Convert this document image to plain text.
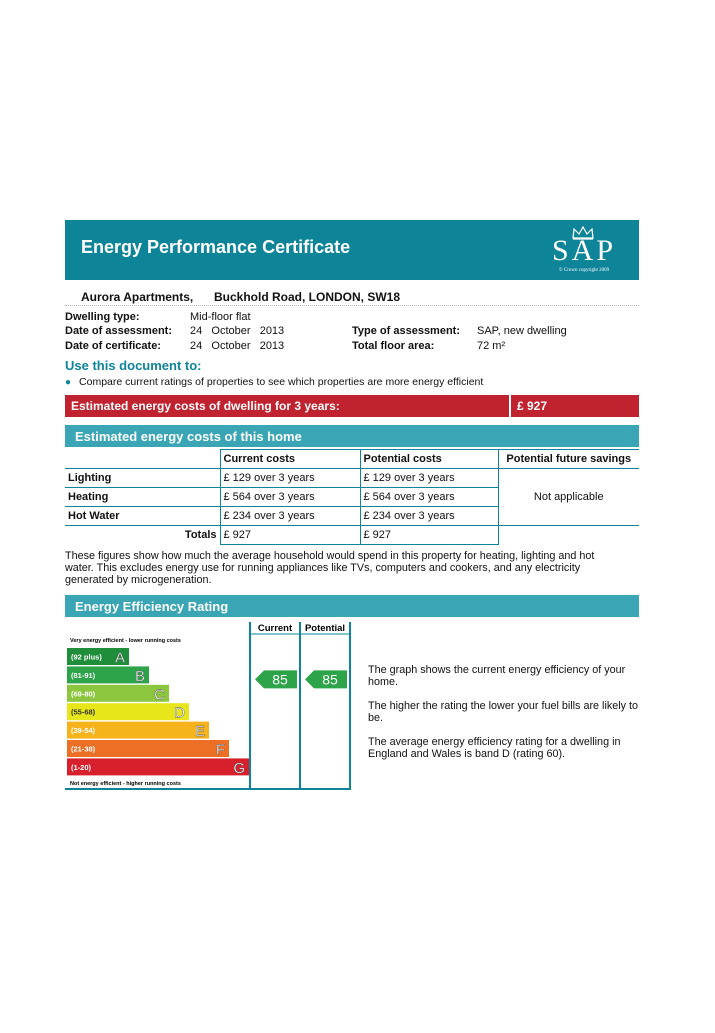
Energy Performance Certificate	SAP
© Crown copyright 2009
Aurora Apartments, Buckhold Road, LONDON, SW18
Dwelling type:	Mid-floor flat
Date of assessment: 24   October   2013
Date of certificate:	24   October   2013
Type of assessment: SAP, new dwelling
Total floor area:	72 m²
Use this document to:
● Compare current ratings of properties to see which properties are more energy efficient
Estimated energy costs of dwelling for 3 years:	£ 927
Estimated energy costs of this home
	Current costs	Potential costs	Potential future savings
Lighting	£ 129 over 3 years	£ 129 over 3 years	Not applicable
Heating	£ 564 over 3 years	£ 564 over 3 years	
Hot Water	£ 234 over 3 years	£ 234 over 3 years	
Totals	£ 927	£ 927	
These figures show how much the average household would spend in this property for heating, lighting and hot water. This excludes energy use for running appliances like TVs, computers and cookers, and any electricity generated by microgeneration.
Energy Efficiency Rating
Current Potential
Very energy efficient - lower running costs
Not energy efficient - higher running costs
(92 plus) A
(81-91)	B
(69-80)	C
(55-68)	D
(39-54)	E
(21-38)	F
(1-20)	G
85 85

The graph shows the current energy efficiency of your home.

The higher the rating the lower your fuel bills are likely to be.

The average energy efficiency rating for a dwelling in England and Wales is band D (rating 60).
